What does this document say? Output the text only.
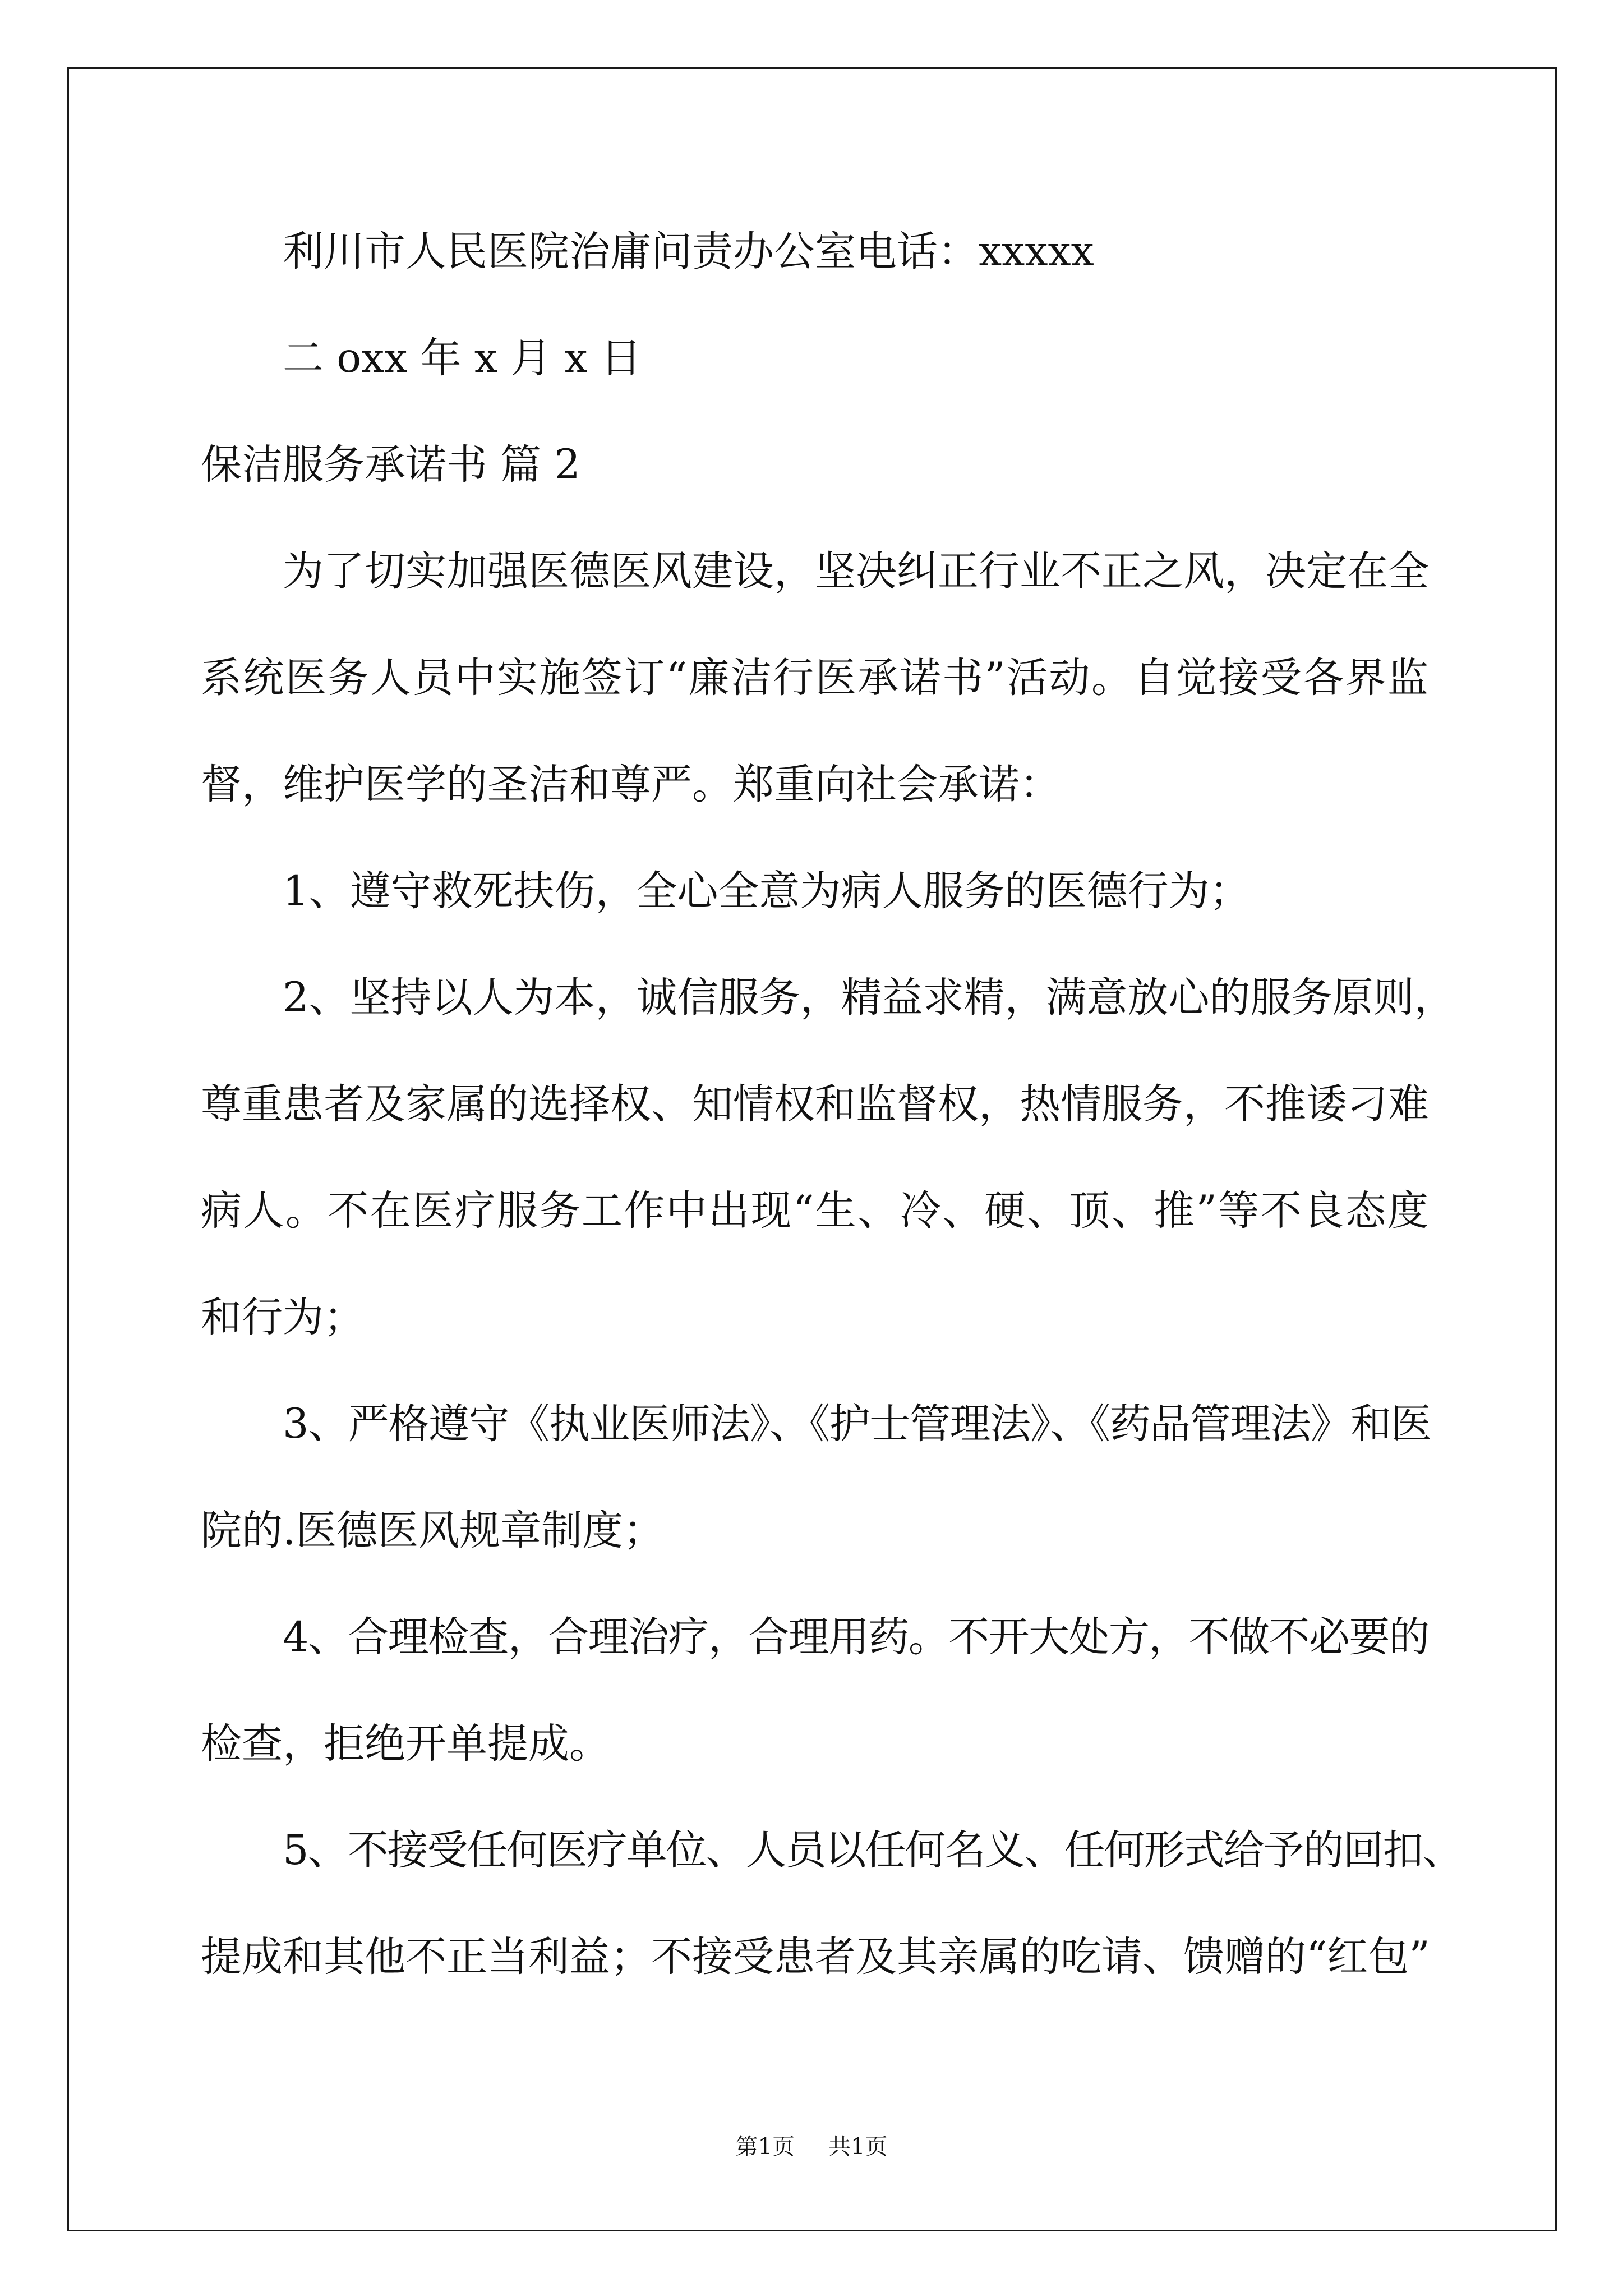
利川市人民医院治庸问责办公室电话：xxxxx
二 oxx 年 x 月 x 日
保洁服务承诺书 篇 2
为了切实加强医德医风建设，坚决纠正行业不正之风，决定在全
系统医务人员中实施签订“廉洁行医承诺书”活动。自觉接受各界监
督，维护医学的圣洁和尊严。郑重向社会承诺：
1、遵守救死扶伤，全心全意为病人服务的医德行为；
2、坚持以人为本，诚信服务，精益求精，满意放心的服务原则，
尊重患者及家属的选择权、知情权和监督权，热情服务，不推诿刁难
病人。不在医疗服务工作中出现“生、冷、硬、顶、推”等不良态度
和行为；
3、严格遵守《执业医师法》、《护士管理法》、《药品管理法》和医
院的.医德医风规章制度；
4、合理检查，合理治疗，合理用药。不开大处方，不做不必要的
检查，拒绝开单提成。
5、不接受任何医疗单位、人员以任何名义、任何形式给予的回扣、
提成和其他不正当利益；不接受患者及其亲属的吃请、馈赠的“红包”
第1页 共1页
